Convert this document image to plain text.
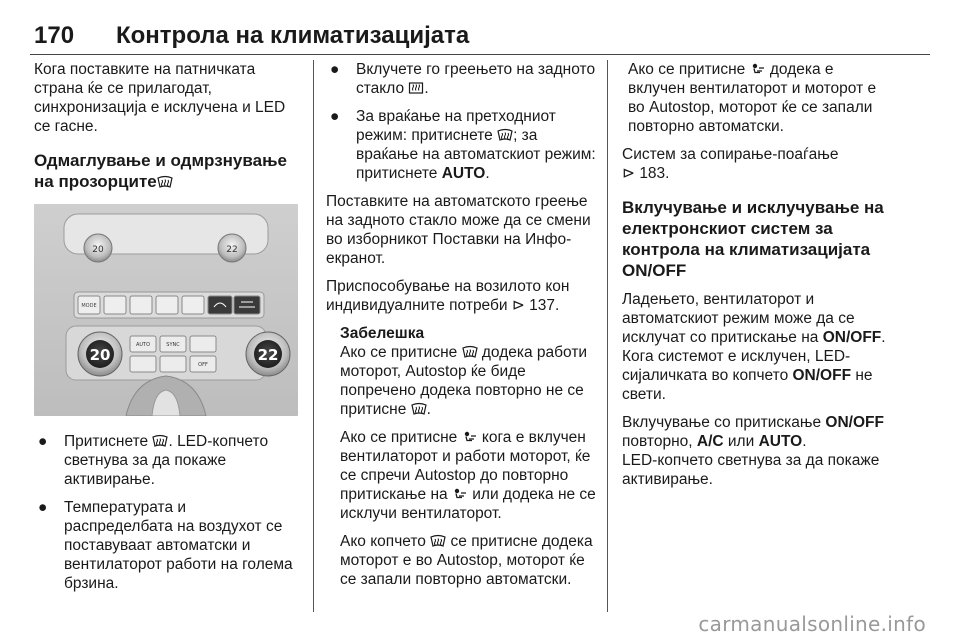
170 Контрола на климатизацијата

Кога поставките на патничката страна ќе се прилагодат, синхронизација е исклучена и LED се гасне.

Одмаглување и одмрзнување на прозорците
20	22
MODE
20	22
AUTO	SYNC
OFF
● Притиснете . LED-копчето светнува за да покаже активирање.
● Температурата и распределбата на воздухот се поставуваат автоматски и вентилаторот работи на голема брзина.
● Вклучете го греењето на задното стакло .
● За враќање на претходниот режим: притиснете ; за враќање на автоматскиот режим: притиснете AUTO.

Поставките на автоматското греење на задното стакло може да се смени во изборникот Поставки на Инфо-екранот.

Приспособување на возилото кон индивидуалните потреби ⊳ 137.

Забелешка

Ако се притисне  додека работи моторот, Autostop ќе биде попречено додека повторно не се притисне .

Ако се притисне  кога е вклучен вентилаторот и работи моторот, ќе се спречи Autostop до повторно притискање на  или додека не се исклучи вентилаторот.

Ако копчето  се притисне додека моторот е во Autostop, моторот ќе се запали повторно автоматски.

Ако се притисне  додека е вклучен вентилаторот и моторот е во Autostop, моторот ќе се запали повторно автоматски.

Систем за сопирање-поаѓање
⊳ 183.

Вклучување и исклучување на електронскиот систем за контрола на климатизацијата ON/OFF

Ладењето, вентилаторот и автоматскиот режим може да се исклучат со притискање на ON/OFF. Кога системот е исклучен, LED-сијаличката во копчето ON/OFF не свети.

Вклучување со притискање ON/OFF повторно, A/C или AUTO.

LED-копчето светнува за да покаже активирање.

carmanualsonline.info
